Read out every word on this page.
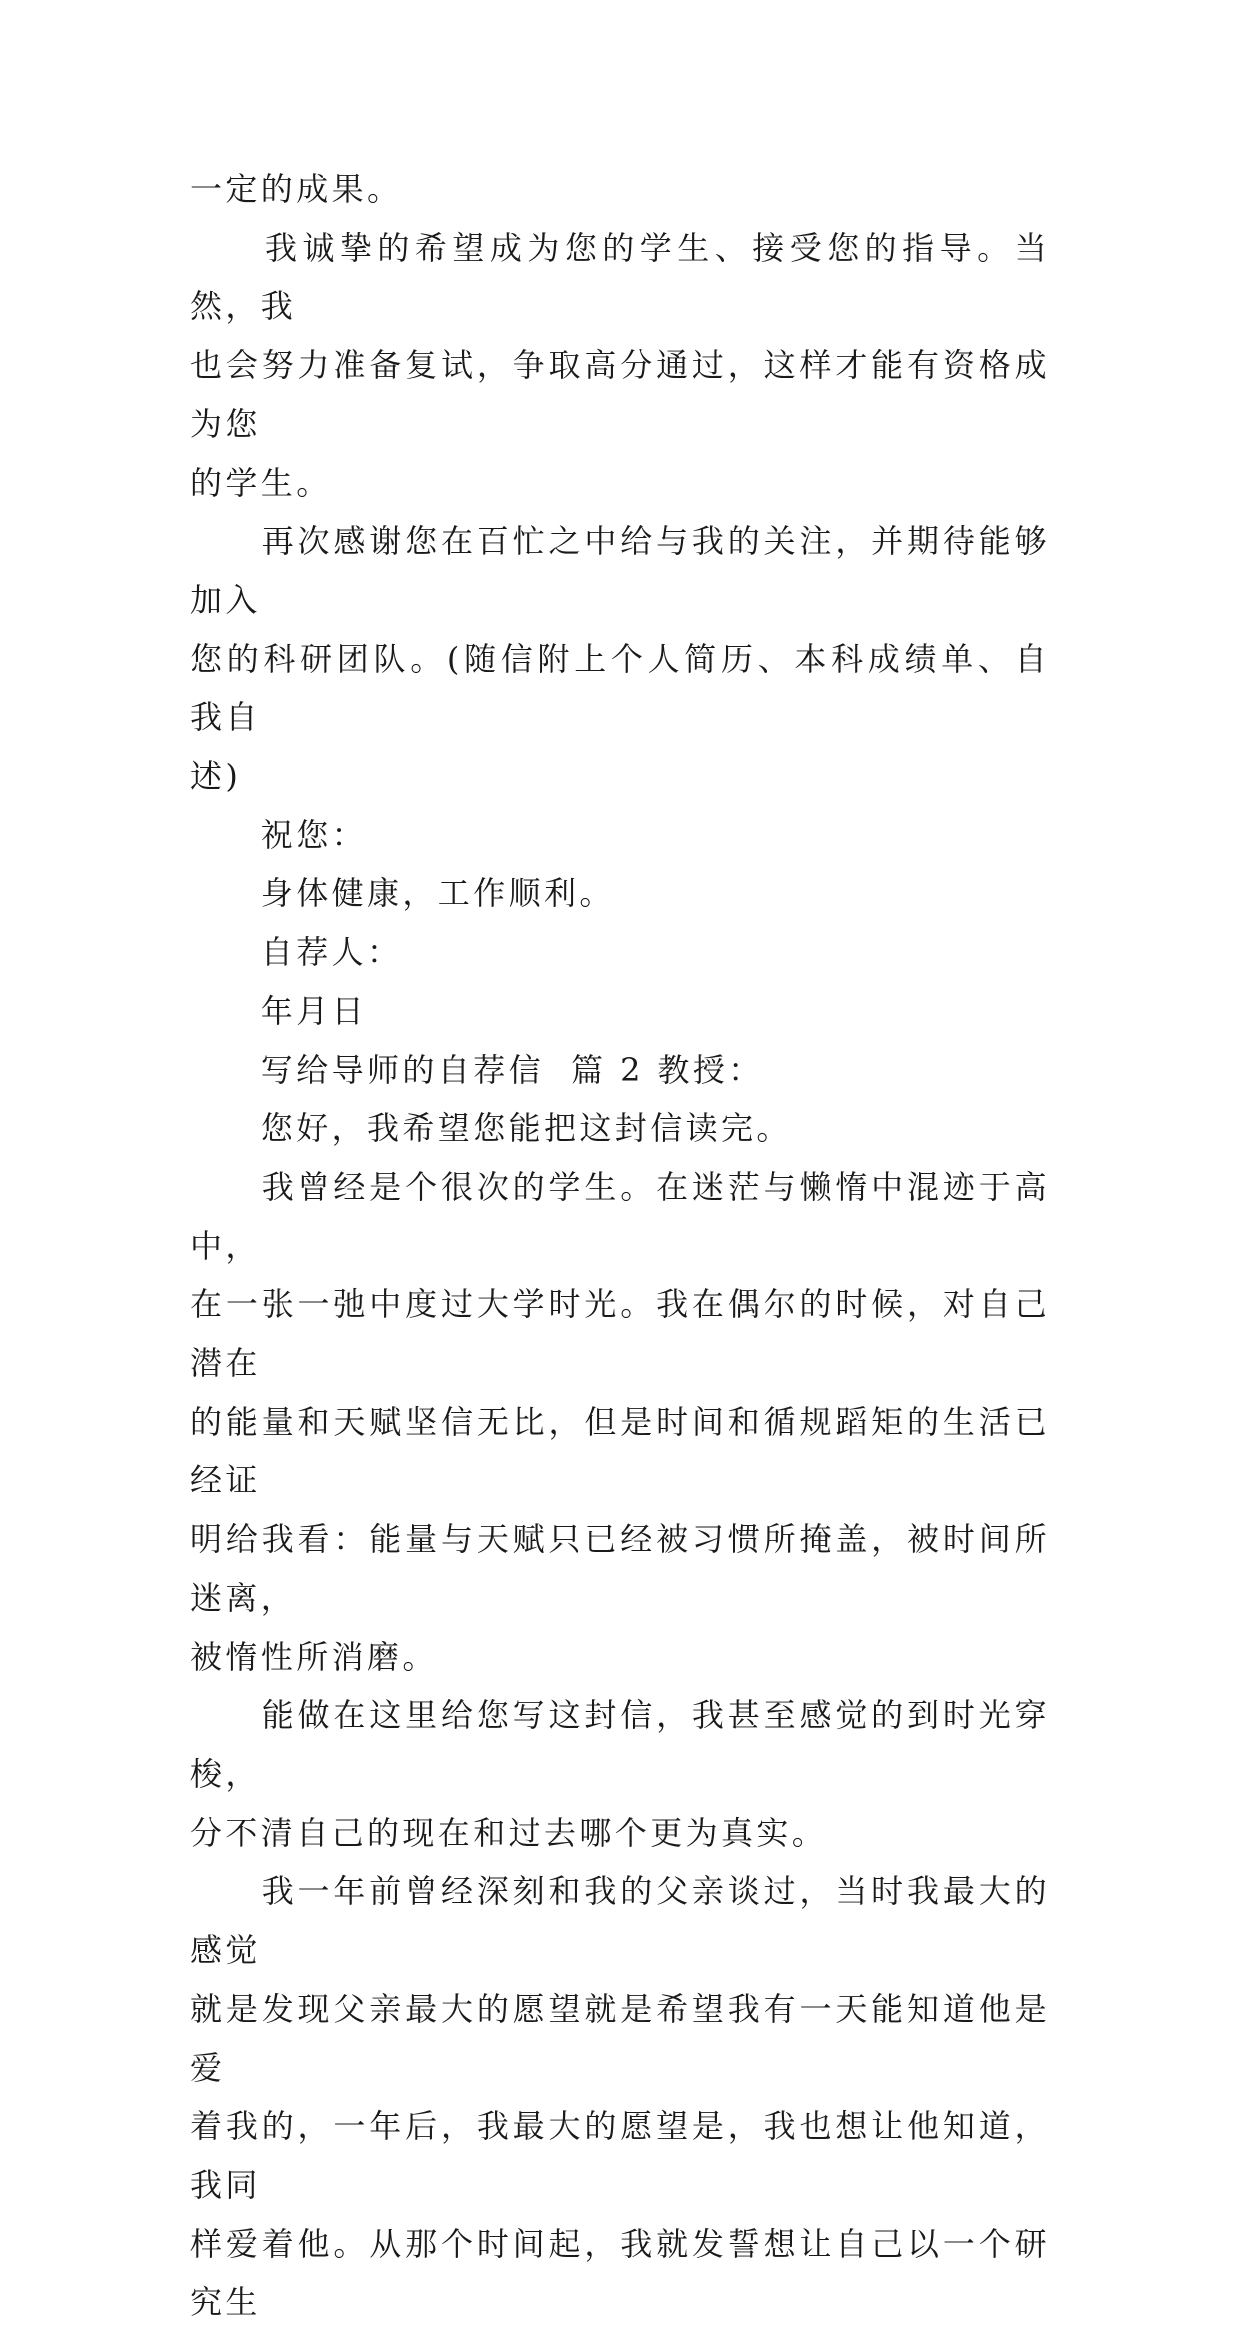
一定的成果。
　　我诚挚的希望成为您的学生、接受您的指导。当然，我
也会努力准备复试，争取高分通过，这样才能有资格成为您
的学生。
　　再次感谢您在百忙之中给与我的关注，并期待能够加入
您的科研团队。(随信附上个人简历、本科成绩单、自我自
述)
　　祝您：
　　身体健康，工作顺利。
　　自荐人：
　　年月日
　　写给导师的自荐信  篇 2 教授：
　　您好，我希望您能把这封信读完。
　　我曾经是个很次的学生。在迷茫与懒惰中混迹于高中，
在一张一弛中度过大学时光。我在偶尔的时候，对自己潜在
的能量和天赋坚信无比，但是时间和循规蹈矩的生活已经证
明给我看：能量与天赋只已经被习惯所掩盖，被时间所迷离，
被惰性所消磨。
　　能做在这里给您写这封信，我甚至感觉的到时光穿梭，
分不清自己的现在和过去哪个更为真实。
　　我一年前曾经深刻和我的父亲谈过，当时我最大的感觉
就是发现父亲最大的愿望就是希望我有一天能知道他是爱
着我的，一年后，我最大的愿望是，我也想让他知道，我同
样爱着他。从那个时间起，我就发誓想让自己以一个研究生
